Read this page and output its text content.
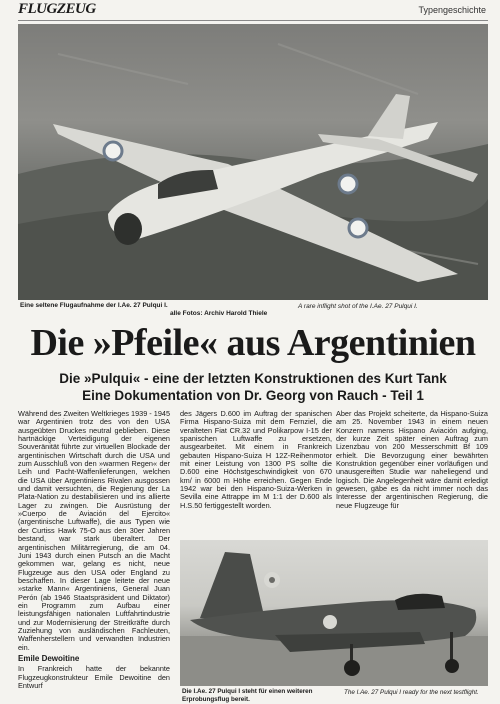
FLUGZEUG	Typengeschichte
Eine seltene Flugaufnahme der I.Ae. 27 Pulqui I.
alle Fotos: Archiv Harold Thiele
A rare inflight shot of the I.Ae. 27 Pulqui I.
Die »Pfeile« aus Argentinien
Die »Pulqui« - eine der letzten Konstruktionen des Kurt Tank
Eine Dokumentation von Dr. Georg von Rauch - Teil 1

Während des Zweiten Weltkrieges 1939 - 1945 war Argentinien trotz des von den USA ausgeübten Druckes neutral geblieben. Diese hartnäckige Verteidigung der eigenen Souveränität führte zur virtuellen Blockade der argentinischen Wirtschaft durch die USA und zum Ausschluß von den »warmen Regen« der Leih und Pacht-Waffenlieferungen, welchen die USA über Argentiniens Rivalen ausgossen und damit versuchten, die Regierung der La Plata-Nation zu destabilisieren und ins allierte Lager zu zwingen. Die Ausrüstung der »Cuerpo de Aviación del Ejercito« (argentinische Luftwaffe), die aus Typen wie der Curtiss Hawk 75-O aus den 30er Jahren bestand, war stark überaltert. Der argentinischen Militärregierung, die am 04. Juni 1943 durch einen Putsch an die Macht gekommen war, gelang es nicht, neue Flugzeuge aus den USA oder England zu beschaffen. In dieser Lage leitete der neue »starke Mann« Argentiniens, General Juan Perón (ab 1946 Staatspräsident und Diktator) ein Programm zum Aufbau einer leistungsfähigen nationalen Luftfahrtindustrie und zur Modernisierung der Streitkräfte durch Zuziehung von ausländischen Fachleuten, Waffenherstellern und verwandten Industrien ein.

Emile Dewoitine

In Frankreich hatte der bekannte Flugzeugkonstrukteur Emile Dewoitine den Entwurf

des Jägers D.600 im Auftrag der spanischen Firma Hispano-Suiza mit dem Fernziel, die veralteten Fiat CR.32 und Polikarpow I-15 der spanischen Luftwaffe zu ersetzen, ausgearbeitet. Mit einem in Frankreich gebauten Hispano-Suiza H 12Z-Reihenmotor mit einer Leistung von 1300 PS sollte die D.600 eine Höchstgeschwindigkeit von 670 km/ in 6000 m Höhe erreichen. Gegen Ende 1942 war bei den Hispano-Suiza-Werken in Sevilla eine Attrappe im M 1:1 der D.600 als H.S.50 fertiggestellt worden.

Aber das Projekt scheiterte, da Hispano-Suiza am 25. November 1943 in einem neuen Konzern namens Hispano Aviación aufging, der kurze Zeit später einen Auftrag zum Lizenzbau von 200 Messerschmitt Bf 109 erhielt. Die Bevorzugung einer bewährten Konstruktion gegenüber einer vorläufigen und unausgereiften Studie war naheliegend und logisch. Die Angelegenheit wäre damit erledigt gewesen, gäbe es da nicht immer noch das Interesse der argentinischen Regierung, die neue Flugzeuge für

Die I.Ae. 27 Pulqui I steht für einen weiteren Erprobungsflug bereit.
The I.Ae. 27 Pulqui I ready for the next testflight.
